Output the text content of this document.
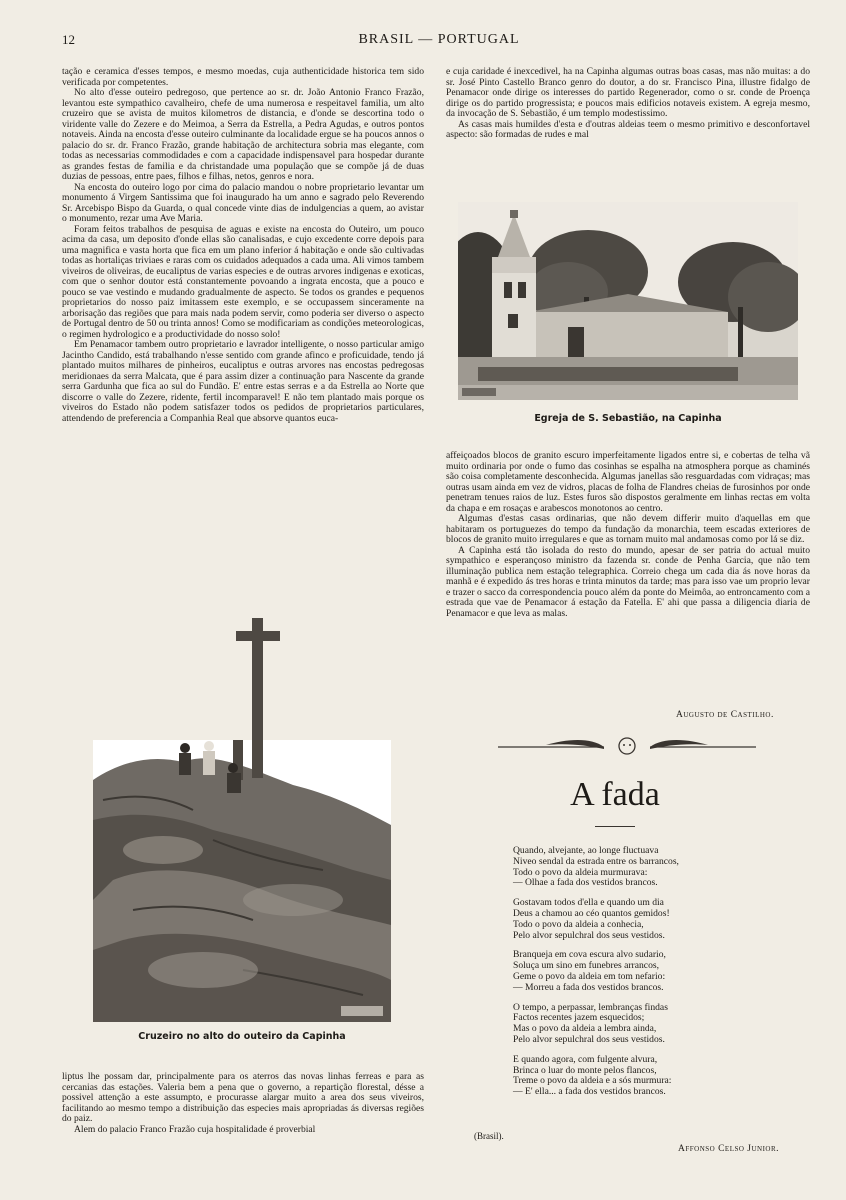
12	BRASIL — PORTUGAL

tação e ceramica d'esses tempos, e mesmo moedas, cuja authenticidade historica tem sido verificada por competentes.

No alto d'esse outeiro pedregoso, que pertence ao sr. dr. João Antonio Franco Frazão, levantou este sympathico cavalheiro, chefe de uma numerosa e respeitavel familia, um alto cruzeiro que se avista de muitos kilometros de distancia, e d'onde se descortina todo o viridente valle do Zezere e do Meimoa, a Serra da Estrella, a Pedra Agudas, e outros pontos notaveis. Ainda na encosta d'esse outeiro culminante da localidade ergue se ha poucos annos o palacio do sr. dr. Franco Frazão, grande habitação de architectura sobria mas elegante, com todas as necessarias commodidades e com a capacidade indispensavel para hospedar durante as grandes festas de familia e da christandade uma população que se compõe já de duas duzias de pessoas, entre paes, filhos e filhas, netos, genros e nora.

Na encosta do outeiro logo por cima do palacio mandou o nobre proprietario levantar um monumento á Virgem Santissima que foi inaugurado ha um anno e sagrado pelo Reverendo Sr. Arcebispo Bispo da Guarda, o qual concede vinte dias de indulgencias a quem, ao avistar o monumento, rezar uma Ave Maria.

Foram feitos trabalhos de pesquisa de aguas e existe na encosta do Outeiro, um pouco acima da casa, um deposito d'onde ellas são canalisadas, e cujo excedente corre depois para uma magnifica e vasta horta que fica em um plano inferior á habitação e onde são cultivadas todas as hortaliças triviaes e raras com os cuidados adequados a cada uma. Ali vimos tambem viveiros de oliveiras, de eucaliptus de varias especies e de outras arvores indigenas e exoticas, com que o senhor doutor está constantemente povoando a ingrata encosta, que a pouco e pouco se vae vestindo e mudando gradualmente de aspecto. Se todos os grandes e pequenos proprietarios do nosso paiz imitassem este exemplo, e se occupassem sinceramente na arborisação das regiões que para mais nada podem servir, como poderia ser diverso o aspecto de Portugal dentro de 50 ou trinta annos! Como se modificariam as condições meteorologicas, o regimen hydrologico e a productividade do nosso solo!

Em Penamacor tambem outro proprietario e lavrador intelligente, o nosso particular amigo Jacintho Candido, está trabalhando n'esse sentido com grande afinco e proficuidade, tendo já plantado muitos milhares de pinheiros, eucaliptus e outras arvores nas encostas pedregosas meridionaes da serra Malcata, que é para assim dizer a continuação para Nascente da grande serra Gardunha que fica ao sul do Fundão. E' entre estas serras e a da Estrella ao Norte que discorre o valle do Zezere, ridente, fertil incomparavel! E não tem plantado mais porque os viveiros do Estado não podem satisfazer todos os pedidos de proprietarios particulares, attendendo de preferencia a Companhia Real que absorve quantos euca-

Cruzeiro no alto do outeiro da Capinha

liptus lhe possam dar, principalmente para os aterros das novas linhas ferreas e para as cercanias das estações. Valeria bem a pena que o governo, a repartição florestal, désse a possivel attenção a este assumpto, e procurasse alargar muito a area dos seus viveiros, facilitando ao mesmo tempo a distribuição das especies mais apropriadas ás diversas regiões do paiz.

Alem do palacio Franco Frazão cuja hospitalidade é proverbial

e cuja caridade é inexcedivel, ha na Capinha algumas outras boas casas, mas não muitas: a do sr. José Pinto Castello Branco genro do doutor, a do sr. Francisco Pina, illustre fidalgo de Penamacor onde dirige os interesses do partido Regenerador, como o sr. conde de Proença dirige os do partido progressista; e poucos mais edificios notaveis existem. A egreja mesmo, da invocação de S. Sebastião, é um templo modestissimo.

As casas mais humildes d'esta e d'outras aldeias teem o mesmo primitivo e desconfortavel aspecto: são formadas de rudes e mal

Egreja de S. Sebastião, na Capinha

affeiçoados blocos de granito escuro imperfeitamente ligados entre si, e cobertas de telha vã muito ordinaria por onde o fumo das cosinhas se espalha na atmosphera porque as chaminés são coisa completamente desconhecida. Algumas janellas são resguardadas com vidraças; mas outras usam ainda em vez de vidros, placas de folha de Flandres cheias de furosinhos por onde penetram tenues raios de luz. Estes furos são dispostos geralmente em linhas rectas em volta da chapa e em rosaças e arabescos monotonos ao centro.

Algumas d'estas casas ordinarias, que não devem differir muito d'aquellas em que habitaram os portuguezes do tempo da fundação da monarchia, teem escadas exteriores de blocos de granito muito irregulares e que as tornam muito mal andamosas como por lá se diz.

A Capinha está tão isolada do resto do mundo, apesar de ser patria do actual muito sympathico e esperançoso ministro da fazenda sr. conde de Penha Garcia, que não tem illuminação publica nem estação telegraphica. Correio chega um cada dia ás nove horas da manhã e é expedido ás tres horas e trinta minutos da tarde; mas para isso vae um proprio levar e trazer o sacco da correspondencia pouco além da ponte do Meimôa, ao entroncamento com a estrada que vae de Penamacor á estação da Fatella. E' ahi que passa a diligencia diaria de Penamacor e que leva as malas.

Augusto de Castilho.
A fada
Quando, alvejante, ao longe fluctuava
Niveo sendal da estrada entre os barrancos,
Todo o povo da aldeia murmurava:
— Olhae a fada dos vestidos brancos.
Gostavam todos d'ella e quando um dia
Deus a chamou ao céo quantos gemidos!
Todo o povo da aldeia a conhecia,
Pelo alvor sepulchral dos seus vestidos.
Branqueja em cova escura alvo sudario,
Soluça um sino em funebres arrancos,
Geme o povo da aldeia em tom nefario:
— Morreu a fada dos vestidos brancos.
O tempo, a perpassar, lembranças findas
Factos recentes jazem esquecidos;
Mas o povo da aldeia a lembra ainda,
Pelo alvor sepulchral dos seus vestidos.
E quando agora, com fulgente alvura,
Brinca o luar do monte pelos flancos,
Treme o povo da aldeia e a sós murmura:
— E' ella... a fada dos vestidos brancos.
(Brasil).
Affonso Celso Junior.
